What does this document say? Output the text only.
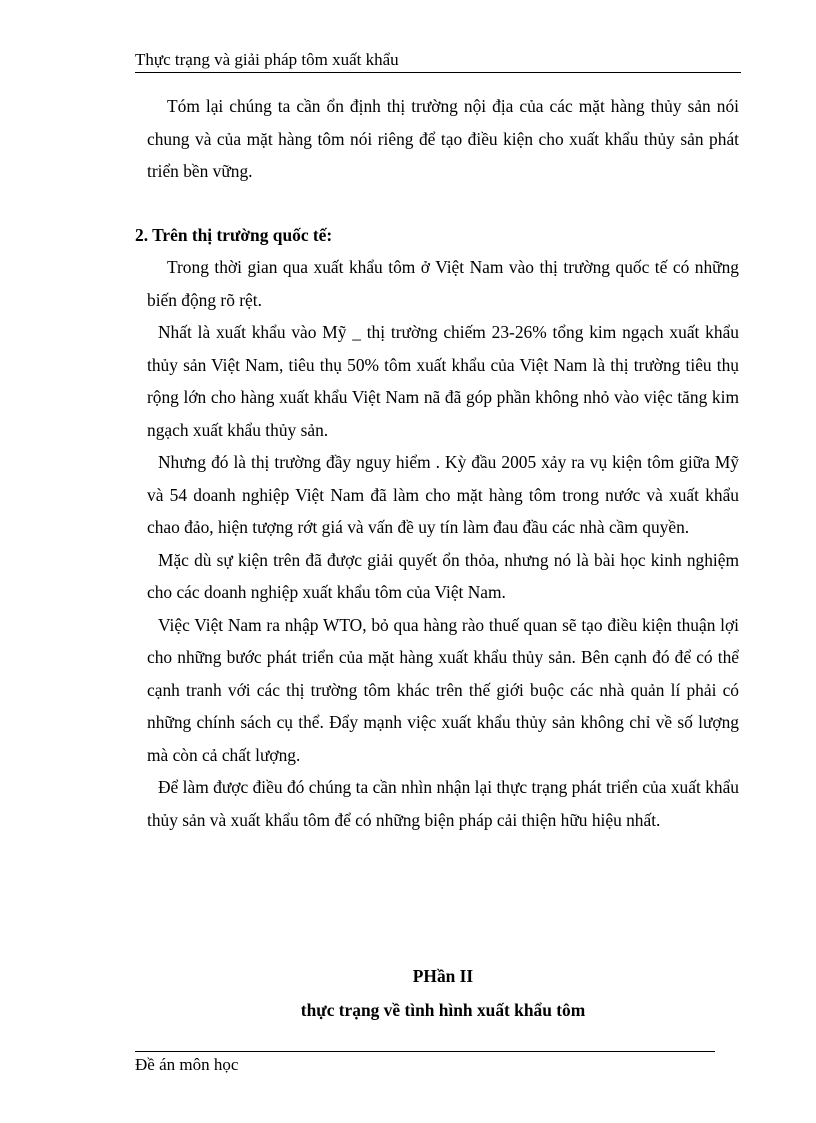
Thực trạng và giải pháp tôm xuất khẩu

Tóm lại chúng ta cần ổn định thị trường nội địa của các mặt hàng thủy sản nói chung và của mặt hàng tôm nói riêng để tạo điều kiện cho xuất khẩu thủy sản phát triển bền vững.

2. Trên thị trường quốc tế:

Trong thời gian qua xuất khẩu tôm ở Việt Nam vào thị trường quốc tế có những biến động rõ rệt.

Nhất là xuất khẩu vào Mỹ _ thị trường chiếm 23-26% tổng kim ngạch xuất khẩu thủy sản Việt Nam, tiêu thụ 50% tôm xuất khẩu của Việt Nam là thị trường tiêu thụ rộng lớn cho hàng xuất khẩu Việt Nam nã đã góp phần không nhỏ vào việc tăng kim ngạch xuất khẩu thủy sản.

Nhưng đó là thị trường đầy nguy hiểm . Kỳ đầu 2005 xảy ra vụ kiện tôm giữa Mỹ và 54 doanh nghiệp Việt Nam đã làm cho mặt hàng tôm trong nước và xuất khẩu chao đảo, hiện tượng rớt giá và vấn đề uy tín làm đau đầu các nhà cầm quyền.

Mặc dù sự kiện trên đã được giải quyết ổn thỏa, nhưng nó là bài học kinh nghiệm cho các doanh nghiệp xuất khẩu tôm của Việt Nam.

Việc Việt Nam ra nhập WTO, bỏ qua hàng rào thuế quan sẽ tạo điều kiện thuận lợi cho những bước phát triển của mặt hàng xuất khẩu thủy sản. Bên cạnh đó để có thể cạnh tranh với các thị trường tôm khác trên thế giới buộc các nhà quản lí phải có những chính sách cụ thể. Đẩy mạnh việc xuất khẩu thủy sản không chỉ về số lượng mà còn cả chất lượng.

Để làm được điều đó chúng ta cần nhìn nhận lại thực trạng phát triển của xuất khẩu thủy sản và xuất khẩu tôm để có những biện pháp cải thiện hữu hiệu nhất.

PHần II
thực trạng về tình hình xuất khẩu tôm
Đề án môn học
